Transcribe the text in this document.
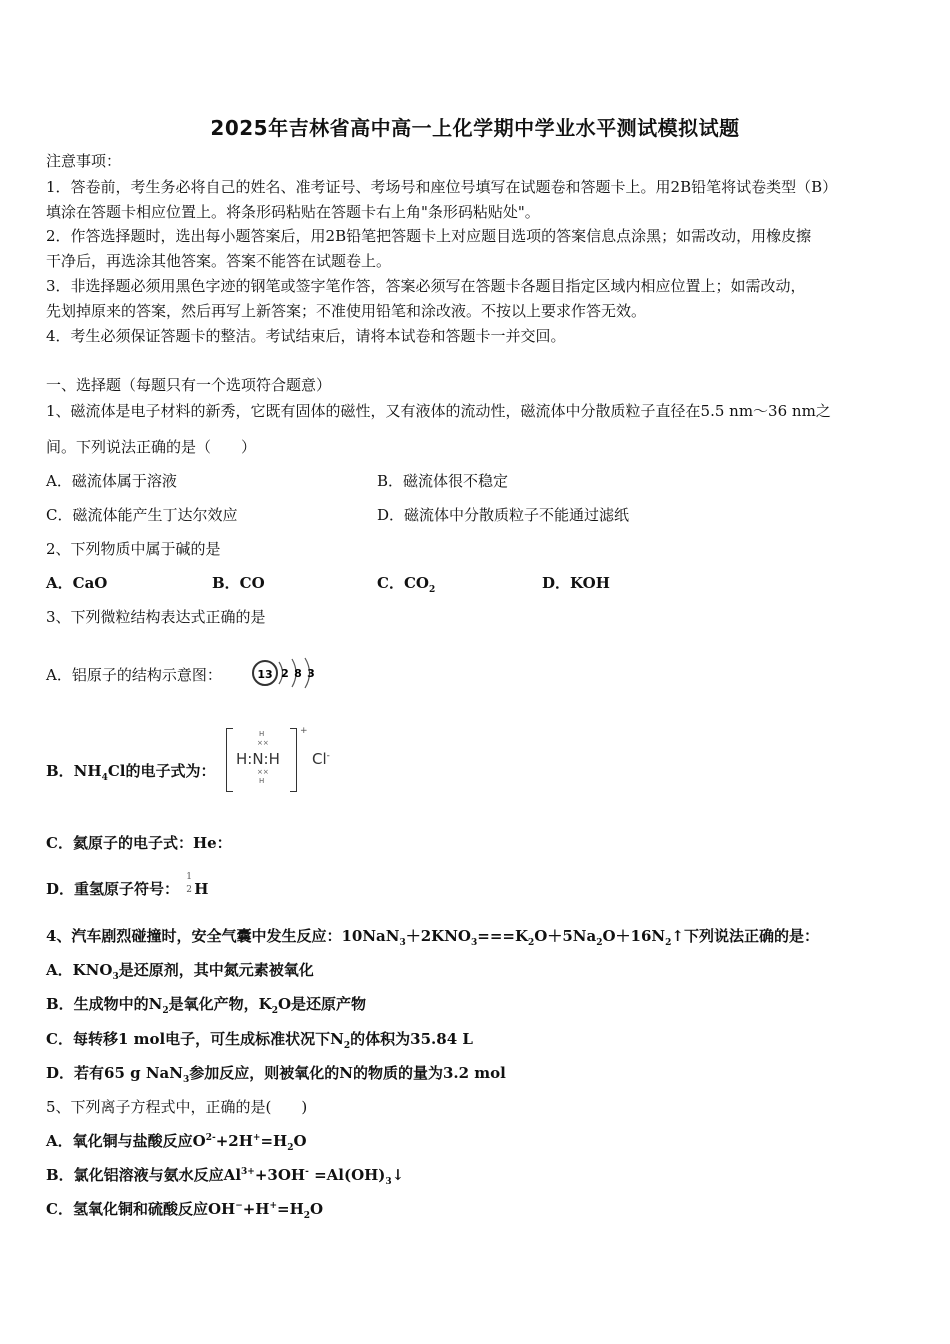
2025年吉林省高中高一上化学期中学业水平测试模拟试题
注意事项：
1．答卷前，考生务必将自己的姓名、准考证号、考场号和座位号填写在试题卷和答题卡上。用2B铅笔将试卷类型（B）
填涂在答题卡相应位置上。将条形码粘贴在答题卡右上角"条形码粘贴处"。
2．作答选择题时，选出每小题答案后，用2B铅笔把答题卡上对应题目选项的答案信息点涂黑；如需改动，用橡皮擦
干净后，再选涂其他答案。答案不能答在试题卷上。
3．非选择题必须用黑色字迹的钢笔或签字笔作答，答案必须写在答题卡各题目指定区域内相应位置上；如需改动，
先划掉原来的答案，然后再写上新答案；不准使用铅笔和涂改液。不按以上要求作答无效。
4．考生必须保证答题卡的整洁。考试结束后，请将本试卷和答题卡一并交回。
一、选择题（每题只有一个选项符合题意）
1、磁流体是电子材料的新秀，它既有固体的磁性，又有液体的流动性，磁流体中分散质粒子直径在5.5 nm～36 nm之
间。下列说法正确的是（　　）
A．磁流体属于溶液	B．磁流体很不稳定
C．磁流体能产生丁达尔效应	D．磁流体中分散质粒子不能通过滤纸
2、下列物质中属于碱的是
A．CaO	B．CO	C．$CO_2$	D．KOH
3、下列微粒结构表达式正确的是
A．铝原子的结构示意图：	13 2 8 3
B．$NH_4Cl$的电子式为：
H
××
H:N:H
××
H
+
Cl-
C．氦原子的电子式：He：
D．重氢原子符号：
1
2 H
4、汽车剧烈碰撞时，安全气囊中发生反应：$10NaN_3+2KNO_3===K_2O+5Na_2O+16N_2↑$下列说法正确的是：
A．$KNO_3$是还原剂，其中氮元素被氧化
B．生成物中的$N_2$是氧化产物，$K_2O$是还原产物
C．每转移1 mol电子，可生成标准状况下$N_2$的体积为35.84 L
D．若有65 g NaN$_3$参加反应，则被氧化的N的物质的量为3.2 mol
5、下列离子方程式中，正确的是(　　)
A．氧化铜与盐酸反应$O^{2-}+2H^+=H_2O$
B．氯化铝溶液与氨水反应$Al^{3+}+3OH^-$ $=Al(OH)_3↓$
C．氢氧化铜和硫酸反应$OH^-+H^+=H_2O$
